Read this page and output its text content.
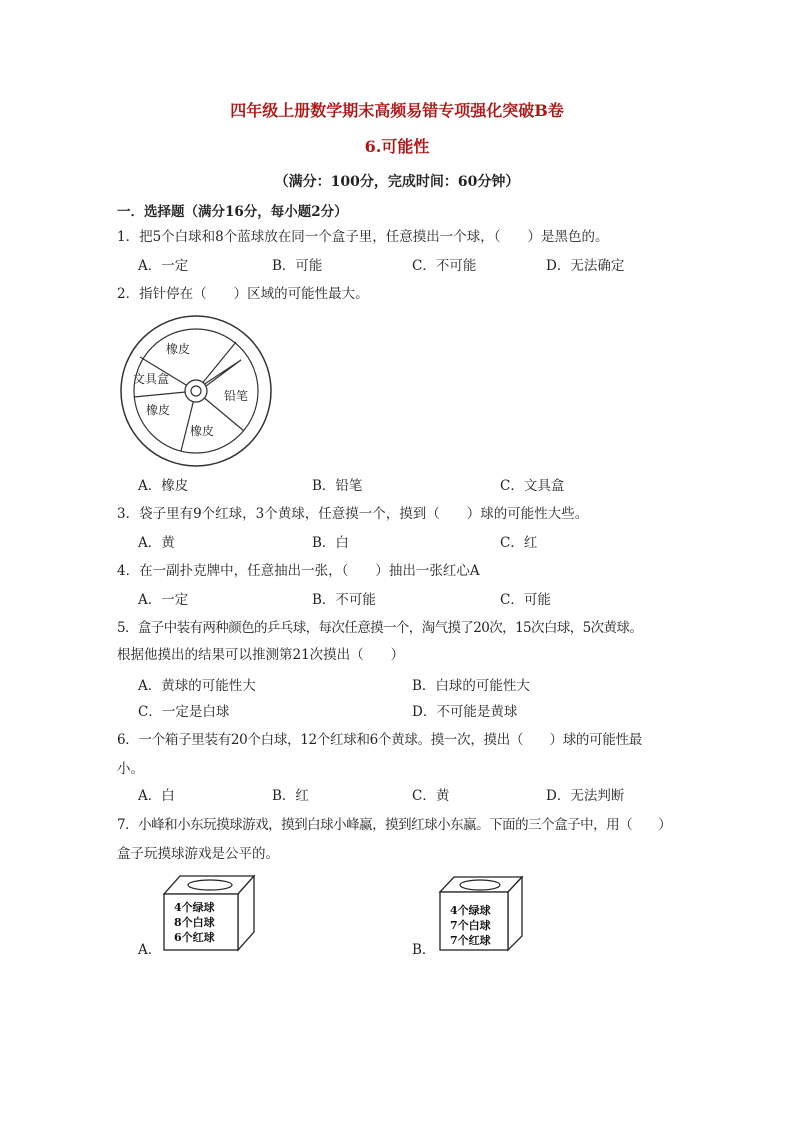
四年级上册数学期末高频易错专项强化突破B卷
6.可能性
（满分：100分，完成时间：60分钟）
一．选择题（满分16分，每小题2分）
1．把5个白球和8个蓝球放在同一个盒子里，任意摸出一个球，（　　）是黑色的。
A．一定	B．可能	C．不可能	D．无法确定
2．指针停在（　　）区域的可能性最大。
橡皮
文具盒
橡皮
橡皮
铅笔
A．橡皮	B．铅笔	C．文具盒
3．袋子里有9个红球，3个黄球，任意摸一个，摸到（　　）球的可能性大些。
A．黄	B．白	C．红
4．在一副扑克牌中，任意抽出一张，（　　）抽出一张红心A
A．一定	B．不可能	C．可能
5．盒子中装有两种颜色的乒乓球，每次任意摸一个，淘气摸了20次，15次白球，5次黄球。
根据他摸出的结果可以推测第21次摸出（　　）
A．黄球的可能性大	B．白球的可能性大
C．一定是白球	D．不可能是黄球
6．一个箱子里装有20个白球，12个红球和6个黄球。摸一次，摸出（　　）球的可能性最
小。
A．白	B．红	C．黄	D．无法判断
7．小峰和小东玩摸球游戏，摸到白球小峰赢，摸到红球小东赢。下面的三个盒子中，用（　　）
盒子玩摸球游戏是公平的。
A．
4个绿球
8个白球
6个红球
B．
4个绿球
7个白球
7个红球
